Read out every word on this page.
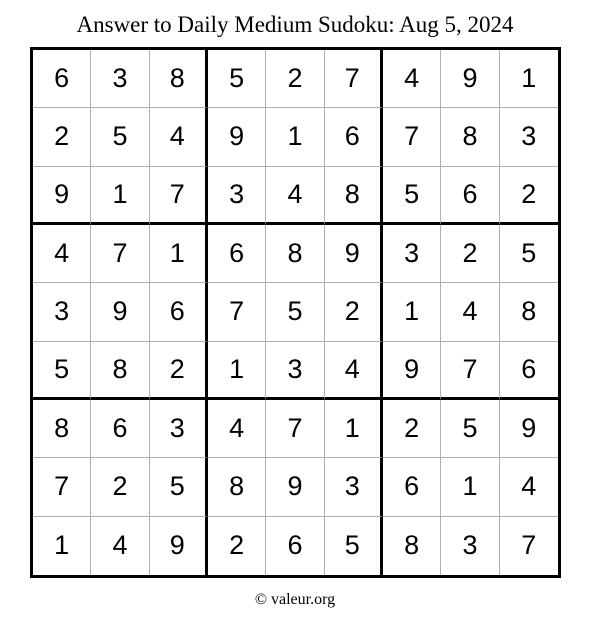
Answer to Daily Medium Sudoku: Aug 5, 2024
6	3	8	5	2	7	4	9	1
2	5	4	9	1	6	7	8	3
9	1	7	3	4	8	5	6	2
4	7	1	6	8	9	3	2	5
3	9	6	7	5	2	1	4	8
5	8	2	1	3	4	9	7	6
8	6	3	4	7	1	2	5	9
7	2	5	8	9	3	6	1	4
1	4	9	2	6	5	8	3	7
© valeur.org
